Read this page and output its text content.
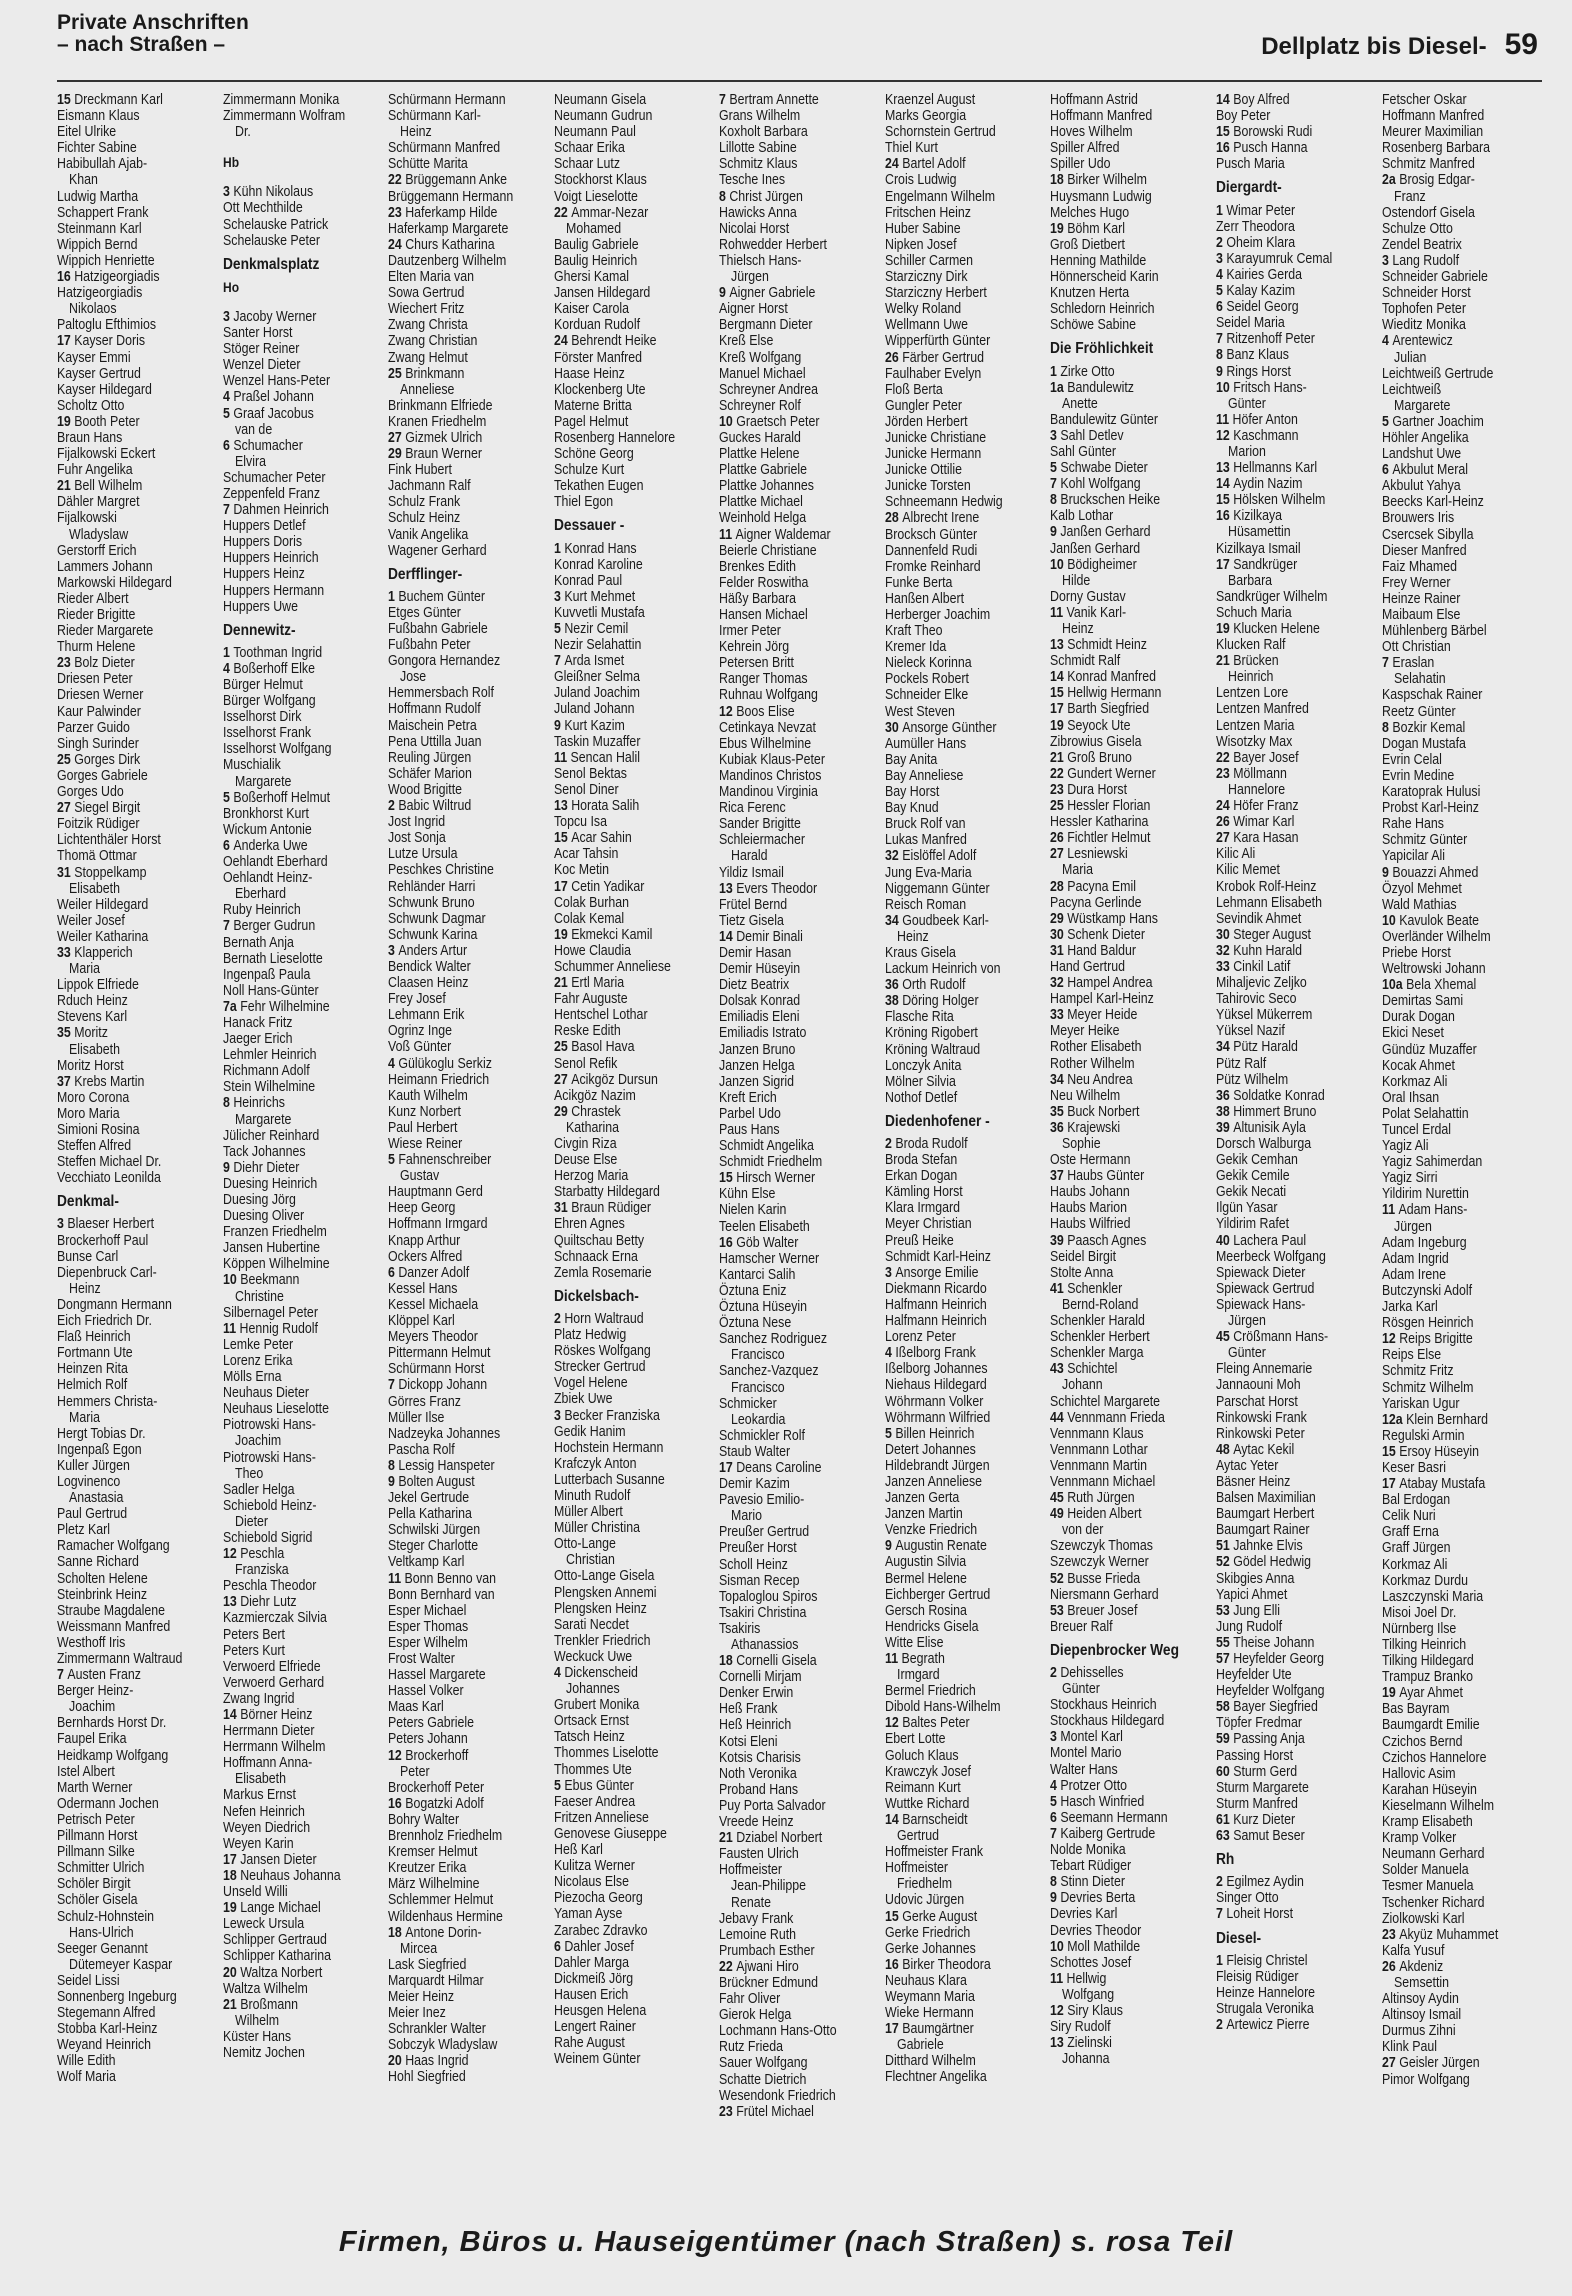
Private Anschriften
– nach Straßen –	Dellplatz bis Diesel- 59
15 Dreckmann Karl
Eismann Klaus
Eitel Ulrike
Fichter Sabine
Habibullah Ajab-
Khan
Ludwig Martha
Schappert Frank
Steinmann Karl
Wippich Bernd
Wippich Henriette
16 Hatzigeorgiadis
Hatzigeorgiadis
Nikolaos
Paltoglu Efthimios
17 Kayser Doris
Kayser Emmi
Kayser Gertrud
Kayser Hildegard
Scholtz Otto
19 Booth Peter
Braun Hans
Fijalkowski Eckert
Fuhr Angelika
21 Bell Wilhelm
Dähler Margret
Fijalkowski
Wladyslaw
Gerstorff Erich
Lammers Johann
Markowski Hildegard
Rieder Albert
Rieder Brigitte
Rieder Margarete
Thurm Helene
23 Bolz Dieter
Driesen Peter
Driesen Werner
Kaur Palwinder
Parzer Guido
Singh Surinder
25 Gorges Dirk
Gorges Gabriele
Gorges Udo
27 Siegel Birgit
Foitzik Rüdiger
Lichtenthäler Horst
Thomä Ottmar
31 Stoppelkamp
Elisabeth
Weiler Hildegard
Weiler Josef
Weiler Katharina
33 Klapperich
Maria
Lippok Elfriede
Rduch Heinz
Stevens Karl
35 Moritz
Elisabeth
Moritz Horst
37 Krebs Martin
Moro Corona
Moro Maria
Simioni Rosina
Steffen Alfred
Steffen Michael Dr.
Vecchiato Leonilda
Denkmal-
3 Blaeser Herbert
Brockerhoff Paul
Bunse Carl
Diepenbruck Carl-
Heinz
Dongmann Hermann
Eich Friedrich Dr.
Flaß Heinrich
Fortmann Ute
Heinzen Rita
Helmich Rolf
Hemmers Christa-
Maria
Hergt Tobias Dr.
Ingenpaß Egon
Kuller Jürgen
Logvinenco
Anastasia
Paul Gertrud
Pletz Karl
Ramacher Wolfgang
Sanne Richard
Scholten Helene
Steinbrink Heinz
Straube Magdalene
Weissmann Manfred
Westhoff Iris
Zimmermann Waltraud
7 Austen Franz
Berger Heinz-
Joachim
Bernhards Horst Dr.
Faupel Erika
Heidkamp Wolfgang
Istel Albert
Marth Werner
Odermann Jochen
Petrisch Peter
Pillmann Horst
Pillmann Silke
Schmitter Ulrich
Schöler Birgit
Schöler Gisela
Schulz-Hohnstein
Hans-Ulrich
Seeger Genannt
Dütemeyer Kaspar
Seidel Lissi
Sonnenberg Ingeburg
Stegemann Alfred
Stobba Karl-Heinz
Weyand Heinrich
Wille Edith
Wolf Maria
Zimmermann Monika
Zimmermann Wolfram
Dr.
Hb
3 Kühn Nikolaus
Ott Mechthilde
Schelauske Patrick
Schelauske Peter
Denkmalsplatz
Ho
3 Jacoby Werner
Santer Horst
Stöger Reiner
Wenzel Dieter
Wenzel Hans-Peter
4 Praßel Johann
5 Graaf Jacobus
van de
6 Schumacher
Elvira
Schumacher Peter
Zeppenfeld Franz
7 Dahmen Heinrich
Huppers Detlef
Huppers Doris
Huppers Heinrich
Huppers Heinz
Huppers Hermann
Huppers Uwe
Dennewitz-
1 Toothman Ingrid
4 Boßerhoff Elke
Bürger Helmut
Bürger Wolfgang
Isselhorst Dirk
Isselhorst Frank
Isselhorst Wolfgang
Muschialik
Margarete
5 Boßerhoff Helmut
Bronkhorst Kurt
Wickum Antonie
6 Anderka Uwe
Oehlandt Eberhard
Oehlandt Heinz-
Eberhard
Ruby Heinrich
7 Berger Gudrun
Bernath Anja
Bernath Lieselotte
Ingenpaß Paula
Noll Hans-Günter
7a Fehr Wilhelmine
Hanack Fritz
Jaeger Erich
Lehmler Heinrich
Richmann Adolf
Stein Wilhelmine
8 Heinrichs
Margarete
Jülicher Reinhard
Tack Johannes
9 Diehr Dieter
Duesing Heinrich
Duesing Jörg
Duesing Oliver
Franzen Friedhelm
Jansen Hubertine
Köppen Wilhelmine
10 Beekmann
Christine
Silbernagel Peter
11 Hennig Rudolf
Lemke Peter
Lorenz Erika
Mölls Erna
Neuhaus Dieter
Neuhaus Lieselotte
Piotrowski Hans-
Joachim
Piotrowski Hans-
Theo
Sadler Helga
Schiebold Heinz-
Dieter
Schiebold Sigrid
12 Peschla
Franziska
Peschla Theodor
13 Diehr Lutz
Kazmierczak Silvia
Peters Bert
Peters Kurt
Verwoerd Elfriede
Verwoerd Gerhard
Zwang Ingrid
14 Börner Heinz
Herrmann Dieter
Herrmann Wilhelm
Hoffmann Anna-
Elisabeth
Markus Ernst
Nefen Heinrich
Weyen Diedrich
Weyen Karin
17 Jansen Dieter
18 Neuhaus Johanna
Unseld Willi
19 Lange Michael
Leweck Ursula
Schlipper Gertraud
Schlipper Katharina
20 Waltza Norbert
Waltza Wilhelm
21 Broßmann
Wilhelm
Küster Hans
Nemitz Jochen
Schürmann Hermann
Schürmann Karl-
Heinz
Schürmann Manfred
Schütte Marita
22 Brüggemann Anke
Brüggemann Hermann
23 Haferkamp Hilde
Haferkamp Margarete
24 Churs Katharina
Dautzenberg Wilhelm
Elten Maria van
Sowa Gertrud
Wiechert Fritz
Zwang Christa
Zwang Christian
Zwang Helmut
25 Brinkmann
Anneliese
Brinkmann Elfriede
Kranen Friedhelm
27 Gizmek Ulrich
29 Braun Werner
Fink Hubert
Jachmann Ralf
Schulz Frank
Schulz Heinz
Vanik Angelika
Wagener Gerhard
Derfflinger-
1 Buchem Günter
Etges Günter
Fußbahn Gabriele
Fußbahn Peter
Gongora Hernandez
Jose
Hemmersbach Rolf
Hoffmann Rudolf
Maischein Petra
Pena Uttilla Juan
Reuling Jürgen
Schäfer Marion
Wood Brigitte
2 Babic Wiltrud
Jost Ingrid
Jost Sonja
Lutze Ursula
Peschkes Christine
Rehländer Harri
Schwunk Bruno
Schwunk Dagmar
Schwunk Karina
3 Anders Artur
Bendick Walter
Claasen Heinz
Frey Josef
Lehmann Erik
Ogrinz Inge
Voß Günter
4 Gülükoglu Serkiz
Heimann Friedrich
Kauth Wilhelm
Kunz Norbert
Paul Herbert
Wiese Reiner
5 Fahnenschreiber
Gustav
Hauptmann Gerd
Heep Georg
Hoffmann Irmgard
Knapp Arthur
Ockers Alfred
6 Danzer Adolf
Kessel Hans
Kessel Michaela
Klöppel Karl
Meyers Theodor
Pittermann Helmut
Schürmann Horst
7 Dickopp Johann
Görres Franz
Müller Ilse
Nadzeyka Johannes
Pascha Rolf
8 Lessig Hanspeter
9 Bolten August
Jekel Gertrude
Pella Katharina
Schwilski Jürgen
Steger Charlotte
Veltkamp Karl
11 Bonn Benno van
Bonn Bernhard van
Esper Michael
Esper Thomas
Esper Wilhelm
Frost Walter
Hassel Margarete
Hassel Volker
Maas Karl
Peters Gabriele
Peters Johann
12 Brockerhoff
Peter
Brockerhoff Peter
16 Bogatzki Adolf
Bohry Walter
Brennholz Friedhelm
Kremser Helmut
Kreutzer Erika
März Wilhelmine
Schlemmer Helmut
Wildenhaus Hermine
18 Antone Dorin-
Mircea
Lask Siegfried
Marquardt Hilmar
Meier Heinz
Meier Inez
Schrankler Walter
Sobczyk Wladyslaw
20 Haas Ingrid
Hohl Siegfried
Neumann Gisela
Neumann Gudrun
Neumann Paul
Schaar Erika
Schaar Lutz
Stockhorst Klaus
Voigt Lieselotte
22 Ammar-Nezar
Mohamed
Baulig Gabriele
Baulig Heinrich
Ghersi Kamal
Jansen Hildegard
Kaiser Carola
Korduan Rudolf
24 Behrendt Heike
Förster Manfred
Haase Heinz
Klockenberg Ute
Materne Britta
Pagel Helmut
Rosenberg Hannelore
Schöne Georg
Schulze Kurt
Tekathen Eugen
Thiel Egon
Dessauer -
1 Konrad Hans
Konrad Karoline
Konrad Paul
3 Kurt Mehmet
Kuvvetli Mustafa
5 Nezir Cemil
Nezir Selahattin
7 Arda Ismet
Gleißner Selma
Juland Joachim
Juland Johann
9 Kurt Kazim
Taskin Muzaffer
11 Sencan Halil
Senol Bektas
Senol Diner
13 Horata Salih
Topcu Isa
15 Acar Sahin
Acar Tahsin
Koc Metin
17 Cetin Yadikar
Colak Burhan
Colak Kemal
19 Ekmekci Kamil
Howe Claudia
Schummer Anneliese
21 Ertl Maria
Fahr Auguste
Hentschel Lothar
Reske Edith
25 Basol Hava
Senol Refik
27 Acikgöz Dursun
Acikgöz Nazim
29 Chrastek
Katharina
Civgin Riza
Deuse Else
Herzog Maria
Starbatty Hildegard
31 Braun Rüdiger
Ehren Agnes
Quiltschau Betty
Schnaack Erna
Zemla Rosemarie
Dickelsbach-
2 Horn Waltraud
Platz Hedwig
Röskes Wolfgang
Strecker Gertrud
Vogel Helene
Zbiek Uwe
3 Becker Franziska
Gedik Hanim
Hochstein Hermann
Krafczyk Anton
Lutterbach Susanne
Minuth Rudolf
Müller Albert
Müller Christina
Otto-Lange
Christian
Otto-Lange Gisela
Plengsken Annemi
Plengsken Heinz
Sarati Necdet
Trenkler Friedrich
Weckuck Uwe
4 Dickenscheid
Johannes
Grubert Monika
Ortsack Ernst
Tatsch Heinz
Thommes Liselotte
Thommes Ute
5 Ebus Günter
Faeser Andrea
Fritzen Anneliese
Genovese Giuseppe
Heß Karl
Kulitza Werner
Nicolaus Else
Piezocha Georg
Yaman Ayse
Zarabec Zdravko
6 Dahler Josef
Dahler Marga
Dickmeiß Jörg
Hausen Erich
Heusgen Helena
Lengert Rainer
Rahe August
Weinem Günter
7 Bertram Annette
Grans Wilhelm
Koxholt Barbara
Lillotte Sabine
Schmitz Klaus
Tesche Ines
8 Christ Jürgen
Hawicks Anna
Nicolai Horst
Rohwedder Herbert
Thielsch Hans-
Jürgen
9 Aigner Gabriele
Aigner Horst
Bergmann Dieter
Kreß Else
Kreß Wolfgang
Manuel Michael
Schreyner Andrea
Schreyner Rolf
10 Graetsch Peter
Guckes Harald
Plattke Helene
Plattke Gabriele
Plattke Johannes
Plattke Michael
Weinhold Helga
11 Aigner Waldemar
Beierle Christiane
Brenkes Edith
Felder Roswitha
Häßy Barbara
Hansen Michael
Irmer Peter
Kehrein Jörg
Petersen Britt
Ranger Thomas
Ruhnau Wolfgang
12 Boos Elise
Cetinkaya Nevzat
Ebus Wilhelmine
Kubiak Klaus-Peter
Mandinos Christos
Mandinou Virginia
Rica Ferenc
Sander Brigitte
Schleiermacher
Harald
Yildiz Ismail
13 Evers Theodor
Frütel Bernd
Tietz Gisela
14 Demir Binali
Demir Hasan
Demir Hüseyin
Dietz Beatrix
Dolsak Konrad
Emiliadis Eleni
Emiliadis Istrato
Janzen Bruno
Janzen Helga
Janzen Sigrid
Kreft Erich
Parbel Udo
Paus Hans
Schmidt Angelika
Schmidt Friedhelm
15 Hirsch Werner
Kühn Else
Nielen Karin
Teelen Elisabeth
16 Göb Walter
Hamscher Werner
Kantarci Salih
Öztuna Eniz
Öztuna Hüseyin
Öztuna Nese
Sanchez Rodriguez
Francisco
Sanchez-Vazquez
Francisco
Schmicker
Leokardia
Schmickler Rolf
Staub Walter
17 Deans Caroline
Demir Kazim
Pavesio Emilio-
Mario
Preußer Gertrud
Preußer Horst
Scholl Heinz
Sisman Recep
Topaloglou Spiros
Tsakiri Christina
Tsakiris
Athanassios
18 Cornelli Gisela
Cornelli Mirjam
Denker Erwin
Heß Frank
Heß Heinrich
Kotsi Eleni
Kotsis Charisis
Noth Veronika
Proband Hans
Puy Porta Salvador
Vreede Heinz
21 Dziabel Norbert
Fausten Ulrich
Hoffmeister
Jean-Philippe
Renate
Jebavy Frank
Lemoine Ruth
Prumbach Esther
22 Ajwani Hiro
Brückner Edmund
Fahr Oliver
Gierok Helga
Lochmann Hans-Otto
Rutz Frieda
Sauer Wolfgang
Schatte Dietrich
Wesendonk Friedrich
23 Frütel Michael
Kraenzel August
Marks Georgia
Schornstein Gertrud
Thiel Kurt
24 Bartel Adolf
Crois Ludwig
Engelmann Wilhelm
Fritschen Heinz
Huber Sabine
Nipken Josef
Schiller Carmen
Starziczny Dirk
Starziczny Herbert
Welky Roland
Wellmann Uwe
Wipperfürth Günter
26 Färber Gertrud
Faulhaber Evelyn
Floß Berta
Gungler Peter
Jörden Herbert
Junicke Christiane
Junicke Hermann
Junicke Ottilie
Junicke Torsten
Schneemann Hedwig
28 Albrecht Irene
Brocksch Günter
Dannenfeld Rudi
Fromke Reinhard
Funke Berta
Hanßen Albert
Herberger Joachim
Kraft Theo
Kremer Ida
Nieleck Korinna
Pockels Robert
Schneider Elke
West Steven
30 Ansorge Günther
Aumüller Hans
Bay Anita
Bay Anneliese
Bay Horst
Bay Knud
Bruck Rolf van
Lukas Manfred
32 Eislöffel Adolf
Jung Eva-Maria
Niggemann Günter
Reisch Roman
34 Goudbeek Karl-
Heinz
Kraus Gisela
Lackum Heinrich von
36 Orth Rudolf
38 Döring Holger
Flasche Rita
Kröning Rigobert
Kröning Waltraud
Lonczyk Anita
Mölner Silvia
Nothof Detlef
Diedenhofener -
2 Broda Rudolf
Broda Stefan
Erkan Dogan
Kämling Horst
Klara Irmgard
Meyer Christian
Preuß Heike
Schmidt Karl-Heinz
3 Ansorge Emilie
Diekmann Ricardo
Halfmann Heinrich
Halfmann Heinrich
Lorenz Peter
4 Ißelborg Frank
Ißelborg Johannes
Niehaus Hildegard
Wöhrmann Volker
Wöhrmann Wilfried
5 Billen Heinrich
Detert Johannes
Hildebrandt Jürgen
Janzen Anneliese
Janzen Gerta
Janzen Martin
Venzke Friedrich
9 Augustin Renate
Augustin Silvia
Bermel Helene
Eichberger Gertrud
Gersch Rosina
Hendricks Gisela
Witte Elise
11 Begrath
Irmgard
Bermel Friedrich
Dibold Hans-Wilhelm
12 Baltes Peter
Ebert Lotte
Goluch Klaus
Krawczyk Josef
Reimann Kurt
Wuttke Richard
14 Barnscheidt
Gertrud
Hoffmeister Frank
Hoffmeister
Friedhelm
Udovic Jürgen
15 Gerke August
Gerke Friedrich
Gerke Johannes
16 Birker Theodora
Neuhaus Klara
Weymann Maria
Wieke Hermann
17 Baumgärtner
Gabriele
Ditthard Wilhelm
Flechtner Angelika
Hoffmann Astrid
Hoffmann Manfred
Hoves Wilhelm
Spiller Alfred
Spiller Udo
18 Birker Wilhelm
Huysmann Ludwig
Melches Hugo
19 Böhm Karl
Groß Dietbert
Henning Mathilde
Hönnerscheid Karin
Knutzen Herta
Schledorn Heinrich
Schöwe Sabine
Die Fröhlichkeit
1 Zirke Otto
1a Bandulewitz
Anette
Bandulewitz Günter
3 Sahl Detlev
Sahl Günter
5 Schwabe Dieter
7 Kohl Wolfgang
8 Bruckschen Heike
Kalb Lothar
9 Janßen Gerhard
Janßen Gerhard
10 Bödigheimer
Hilde
Dorny Gustav
11 Vanik Karl-
Heinz
13 Schmidt Heinz
Schmidt Ralf
14 Konrad Manfred
15 Hellwig Hermann
17 Barth Siegfried
19 Seyock Ute
Zibrowius Gisela
21 Groß Bruno
22 Gundert Werner
23 Dura Horst
25 Hessler Florian
Hessler Katharina
26 Fichtler Helmut
27 Lesniewski
Maria
28 Pacyna Emil
Pacyna Gerlinde
29 Wüstkamp Hans
30 Schenk Dieter
31 Hand Baldur
Hand Gertrud
32 Hampel Andrea
Hampel Karl-Heinz
33 Meyer Heide
Meyer Heike
Rother Elisabeth
Rother Wilhelm
34 Neu Andrea
Neu Wilhelm
35 Buck Norbert
36 Krajewski
Sophie
Oste Hermann
37 Haubs Günter
Haubs Johann
Haubs Marion
Haubs Wilfried
39 Paasch Agnes
Seidel Birgit
Stolte Anna
41 Schenkler
Bernd-Roland
Schenkler Harald
Schenkler Herbert
Schenkler Marga
43 Schichtel
Johann
Schichtel Margarete
44 Vennmann Frieda
Vennmann Klaus
Vennmann Lothar
Vennmann Martin
Vennmann Michael
45 Ruth Jürgen
49 Heiden Albert
von der
Szewczyk Thomas
Szewczyk Werner
52 Busse Frieda
Niersmann Gerhard
53 Breuer Josef
Breuer Ralf
Diepenbrocker Weg
2 Dehisselles
Günter
Stockhaus Heinrich
Stockhaus Hildegard
3 Montel Karl
Montel Mario
Walter Hans
4 Protzer Otto
5 Hasch Winfried
6 Seemann Hermann
7 Kaiberg Gertrude
Nolde Monika
Tebart Rüdiger
8 Stinn Dieter
9 Devries Berta
Devries Karl
Devries Theodor
10 Moll Mathilde
Schottes Josef
11 Hellwig
Wolfgang
12 Siry Klaus
Siry Rudolf
13 Zielinski
Johanna
14 Boy Alfred
Boy Peter
15 Borowski Rudi
16 Pusch Hanna
Pusch Maria
Diergardt-
1 Wimar Peter
Zerr Theodora
2 Oheim Klara
3 Karayumruk Cemal
4 Kairies Gerda
5 Kalay Kazim
6 Seidel Georg
Seidel Maria
7 Ritzenhoff Peter
8 Banz Klaus
9 Rings Horst
10 Fritsch Hans-
Günter
11 Höfer Anton
12 Kaschmann
Marion
13 Hellmanns Karl
14 Aydin Nazim
15 Hölsken Wilhelm
16 Kizilkaya
Hüsamettin
Kizilkaya Ismail
17 Sandkrüger
Barbara
Sandkrüger Wilhelm
Schuch Maria
19 Klucken Helene
Klucken Ralf
21 Brücken
Heinrich
Lentzen Lore
Lentzen Manfred
Lentzen Maria
Wisotzky Max
22 Bayer Josef
23 Möllmann
Hannelore
24 Höfer Franz
26 Wimar Karl
27 Kara Hasan
Kilic Ali
Kilic Memet
Krobok Rolf-Heinz
Lehmann Elisabeth
Sevindik Ahmet
30 Steger August
32 Kuhn Harald
33 Cinkil Latif
Mihaljevic Zeljko
Tahirovic Seco
Yüksel Mükerrem
Yüksel Nazif
34 Pütz Harald
Pütz Ralf
Pütz Wilhelm
36 Soldatke Konrad
38 Himmert Bruno
39 Altunisik Ayla
Dorsch Walburga
Gekik Cemhan
Gekik Cemile
Gekik Necati
Ilgün Yasar
Yildirim Rafet
40 Lachera Paul
Meerbeck Wolfgang
Spiewack Dieter
Spiewack Gertrud
Spiewack Hans-
Jürgen
45 Crößmann Hans-
Günter
Fleing Annemarie
Jannaouni Moh
Parschat Horst
Rinkowski Frank
Rinkowski Peter
48 Aytac Kekil
Aytac Yeter
Bäsner Heinz
Balsen Maximilian
Baumgart Herbert
Baumgart Rainer
51 Jahnke Elvis
52 Gödel Hedwig
Skibgies Anna
Yapici Ahmet
53 Jung Elli
Jung Rudolf
55 Theise Johann
57 Heyfelder Georg
Heyfelder Ute
Heyfelder Wolfgang
58 Bayer Siegfried
Töpfer Fredmar
59 Passing Anja
Passing Horst
60 Sturm Gerd
Sturm Margarete
Sturm Manfred
61 Kurz Dieter
63 Samut Beser
Rh
2 Egilmez Aydin
Singer Otto
7 Loheit Horst
Diesel-
1 Fleisig Christel
Fleisig Rüdiger
Heinze Hannelore
Strugala Veronika
2 Artewicz Pierre
Fetscher Oskar
Hoffmann Manfred
Meurer Maximilian
Rosenberg Barbara
Schmitz Manfred
2a Brosig Edgar-
Franz
Ostendorf Gisela
Schulze Otto
Zendel Beatrix
3 Lang Rudolf
Schneider Gabriele
Schneider Horst
Tophofen Peter
Wieditz Monika
4 Arentewicz
Julian
Leichtweiß Gertrude
Leichtweiß
Margarete
5 Gartner Joachim
Höhler Angelika
Landshut Uwe
6 Akbulut Meral
Akbulut Yahya
Beecks Karl-Heinz
Brouwers Iris
Csercsek Sibylla
Dieser Manfred
Faiz Mhamed
Frey Werner
Heinze Rainer
Maibaum Else
Mühlenberg Bärbel
Ott Christian
7 Eraslan
Selahatin
Kaspschak Rainer
Reetz Günter
8 Bozkir Kemal
Dogan Mustafa
Evrin Celal
Evrin Medine
Karatoprak Hulusi
Probst Karl-Heinz
Rahe Hans
Schmitz Günter
Yapicilar Ali
9 Bouazzi Ahmed
Özyol Mehmet
Wald Mathias
10 Kavulok Beate
Overländer Wilhelm
Priebe Horst
Weltrowski Johann
10a Bela Xhemal
Demirtas Sami
Durak Dogan
Ekici Neset
Gündüz Muzaffer
Kocak Ahmet
Korkmaz Ali
Oral Ihsan
Polat Selahattin
Tuncel Erdal
Yagiz Ali
Yagiz Sahimerdan
Yagiz Sirri
Yildirim Nurettin
11 Adam Hans-
Jürgen
Adam Ingeburg
Adam Ingrid
Adam Irene
Butczynski Adolf
Jarka Karl
Rösgen Heinrich
12 Reips Brigitte
Reips Else
Schmitz Fritz
Schmitz Wilhelm
Yariskan Ugur
12a Klein Bernhard
Regulski Armin
15 Ersoy Hüseyin
Keser Basri
17 Atabay Mustafa
Bal Erdogan
Celik Nuri
Graff Erna
Graff Jürgen
Korkmaz Ali
Korkmaz Durdu
Laszczynski Maria
Misoi Joel Dr.
Nürnberg Ilse
Tilking Heinrich
Tilking Hildegard
Trampuz Branko
19 Ayar Ahmet
Bas Bayram
Baumgardt Emilie
Czichos Bernd
Czichos Hannelore
Hallovic Asim
Karahan Hüseyin
Kieselmann Wilhelm
Kramp Elisabeth
Kramp Volker
Neumann Gerhard
Solder Manuela
Tesmer Manuela
Tschenker Richard
Ziolkowski Karl
23 Akyüz Muhammet
Kalfa Yusuf
26 Akdeniz
Semsettin
Altinsoy Aydin
Altinsoy Ismail
Durmus Zihni
Klink Paul
27 Geisler Jürgen
Pimor Wolfgang
Firmen, Büros u. Hauseigentümer (nach Straßen) s. rosa Teil
